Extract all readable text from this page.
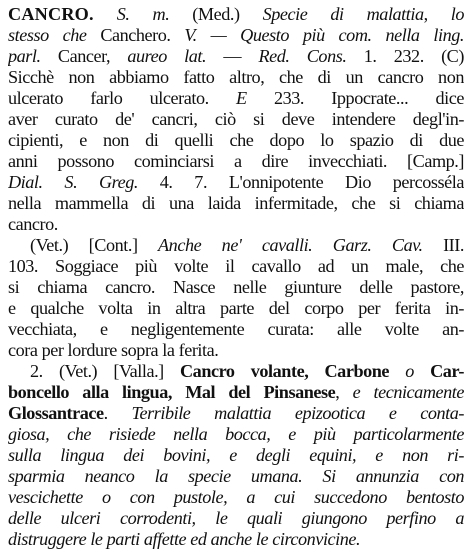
CANCRO. S. m. (Med.) Specie di malattia, lo
stesso che Canchero. V. — Questo più com. nella ling.
parl. Cancer, aureo lat. — Red. Cons. 1. 232. (C)
Sicchè non abbiamo fatto altro, che di un cancro non
ulcerato farlo ulcerato. E 233. Ippocrate... dice
aver curato de' cancri, ciò si deve intendere degl'in-
cipienti, e non di quelli che dopo lo spazio di due
anni possono cominciarsi a dire invecchiati. [Camp.]
Dial. S. Greg. 4. 7. L'onnipotente Dio percosséla
nella mammella di una laida infermitade, che si chiama
cancro.
(Vet.) [Cont.] Anche ne' cavalli. Garz. Cav. III.
103. Soggiace più volte il cavallo ad un male, che
si chiama cancro. Nasce nelle giunture delle pastore,
e qualche volta in altra parte del corpo per ferita in-
vecchiata, e negligentemente curata: alle volte an-
cora per lordure sopra la ferita.
2. (Vet.) [Valla.] Cancro volante, Carbone o Car-
boncello alla lingua, Mal del Pinsanese, e tecnicamente
Glossantrace. Terribile malattia epizootica e conta-
giosa, che risiede nella bocca, e più particolarmente
sulla lingua dei bovini, e degli equini, e non ri-
sparmia neanco la specie umana. Si annunzia con
vescichette o con pustole, a cui succedono bentosto
delle ulceri corrodenti, le quali giungono perfino a
distruggere le parti affette ed anche le circonvicine.
